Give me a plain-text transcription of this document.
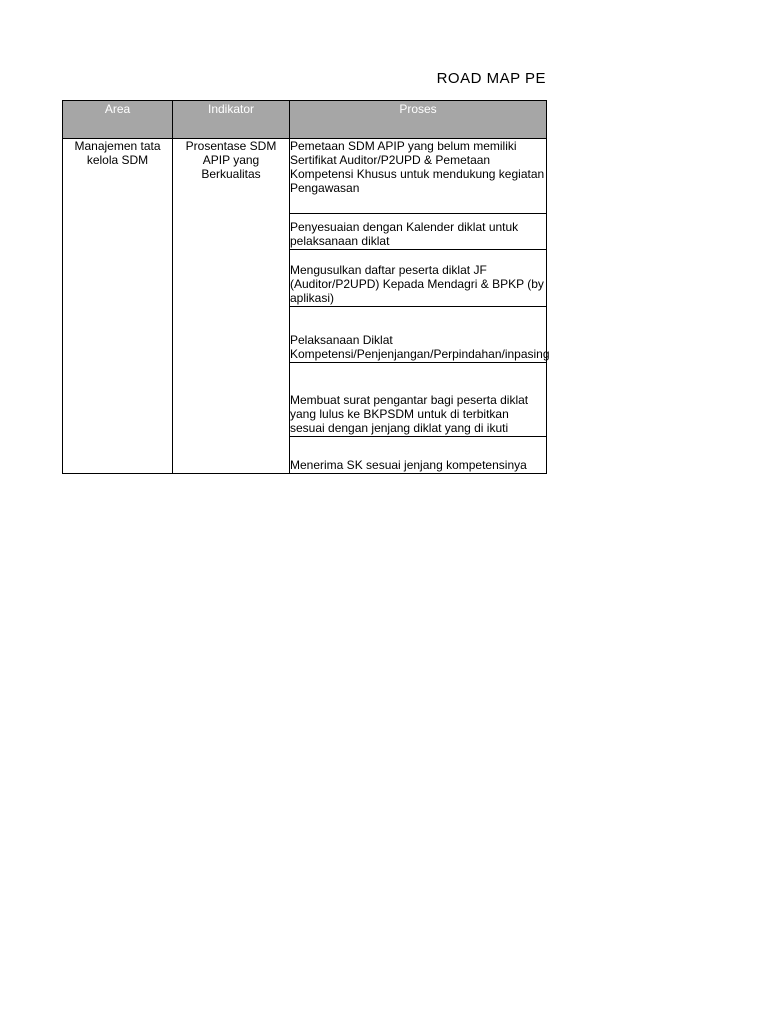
ROAD MAP PE
Area	Indikator	Proses
Manajemen tata kelola SDM	Prosentase SDM APIP yang Berkualitas	Pemetaan SDM APIP yang belum memiliki Sertifikat Auditor/P2UPD & Pemetaan Kompetensi Khusus untuk mendukung kegiatan Pengawasan
		Penyesuaian dengan Kalender diklat untuk pelaksanaan diklat
		Mengusulkan daftar peserta diklat JF (Auditor/P2UPD) Kepada Mendagri & BPKP (by aplikasi)
		Pelaksanaan Diklat Kompetensi/Penjenjangan/Perpindahan/inpasing
		Membuat surat pengantar bagi peserta diklat yang lulus ke BKPSDM untuk di terbitkan sesuai dengan jenjang diklat yang di ikuti
		Menerima SK sesuai jenjang kompetensinya
